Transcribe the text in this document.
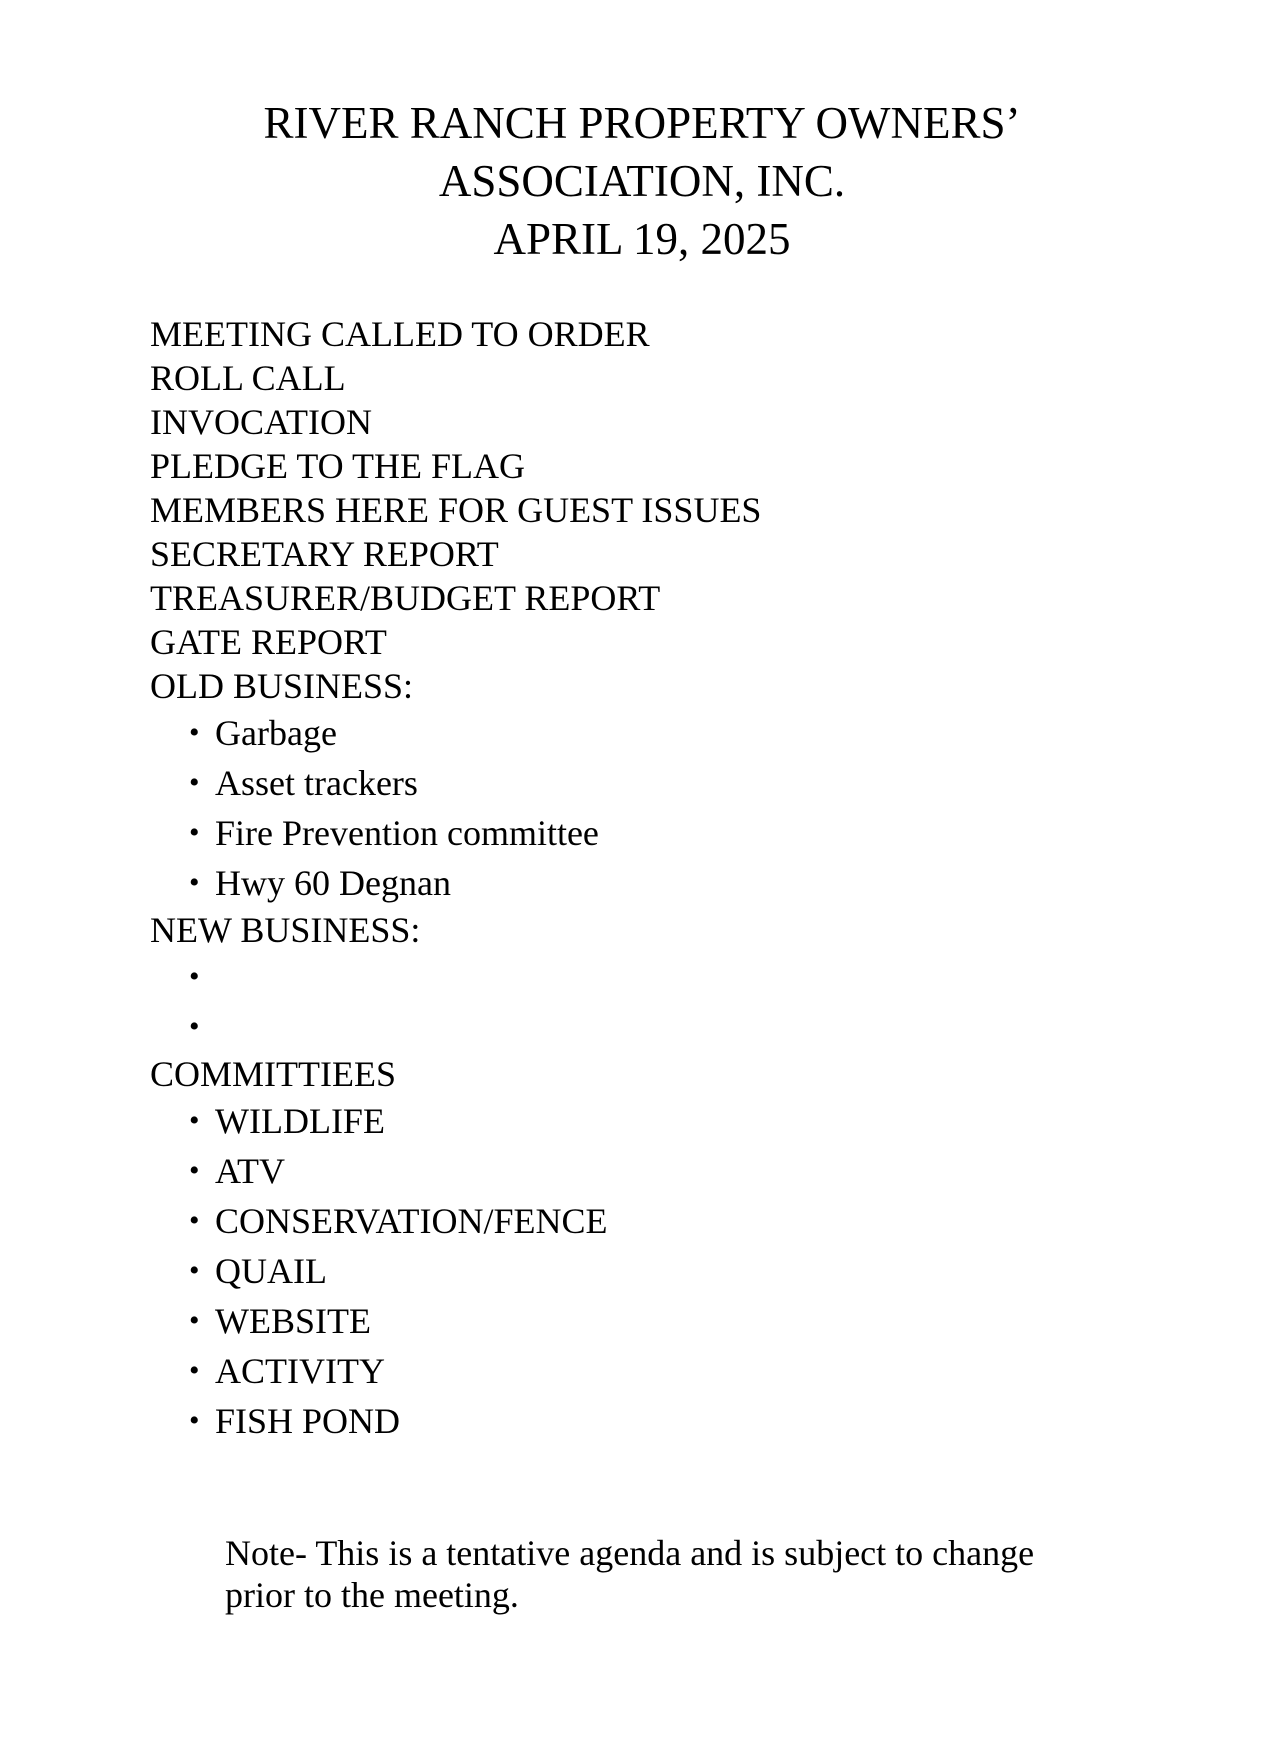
RIVER RANCH PROPERTY OWNERS’
ASSOCIATION, INC.
APRIL 19, 2025
MEETING CALLED TO ORDER
ROLL CALL
INVOCATION
PLEDGE TO THE FLAG
MEMBERS HERE FOR GUEST ISSUES
SECRETARY REPORT
TREASURER/BUDGET REPORT
GATE REPORT
OLD BUSINESS:
• Garbage
• Asset trackers
• Fire Prevention committee
• Hwy 60 Degnan
NEW BUSINESS:
•
•
COMMITTIEES
• WILDLIFE
• ATV
• CONSERVATION/FENCE
• QUAIL
• WEBSITE
• ACTIVITY
• FISH POND
Note- This is a tentative agenda and is subject to change
prior to the meeting.
